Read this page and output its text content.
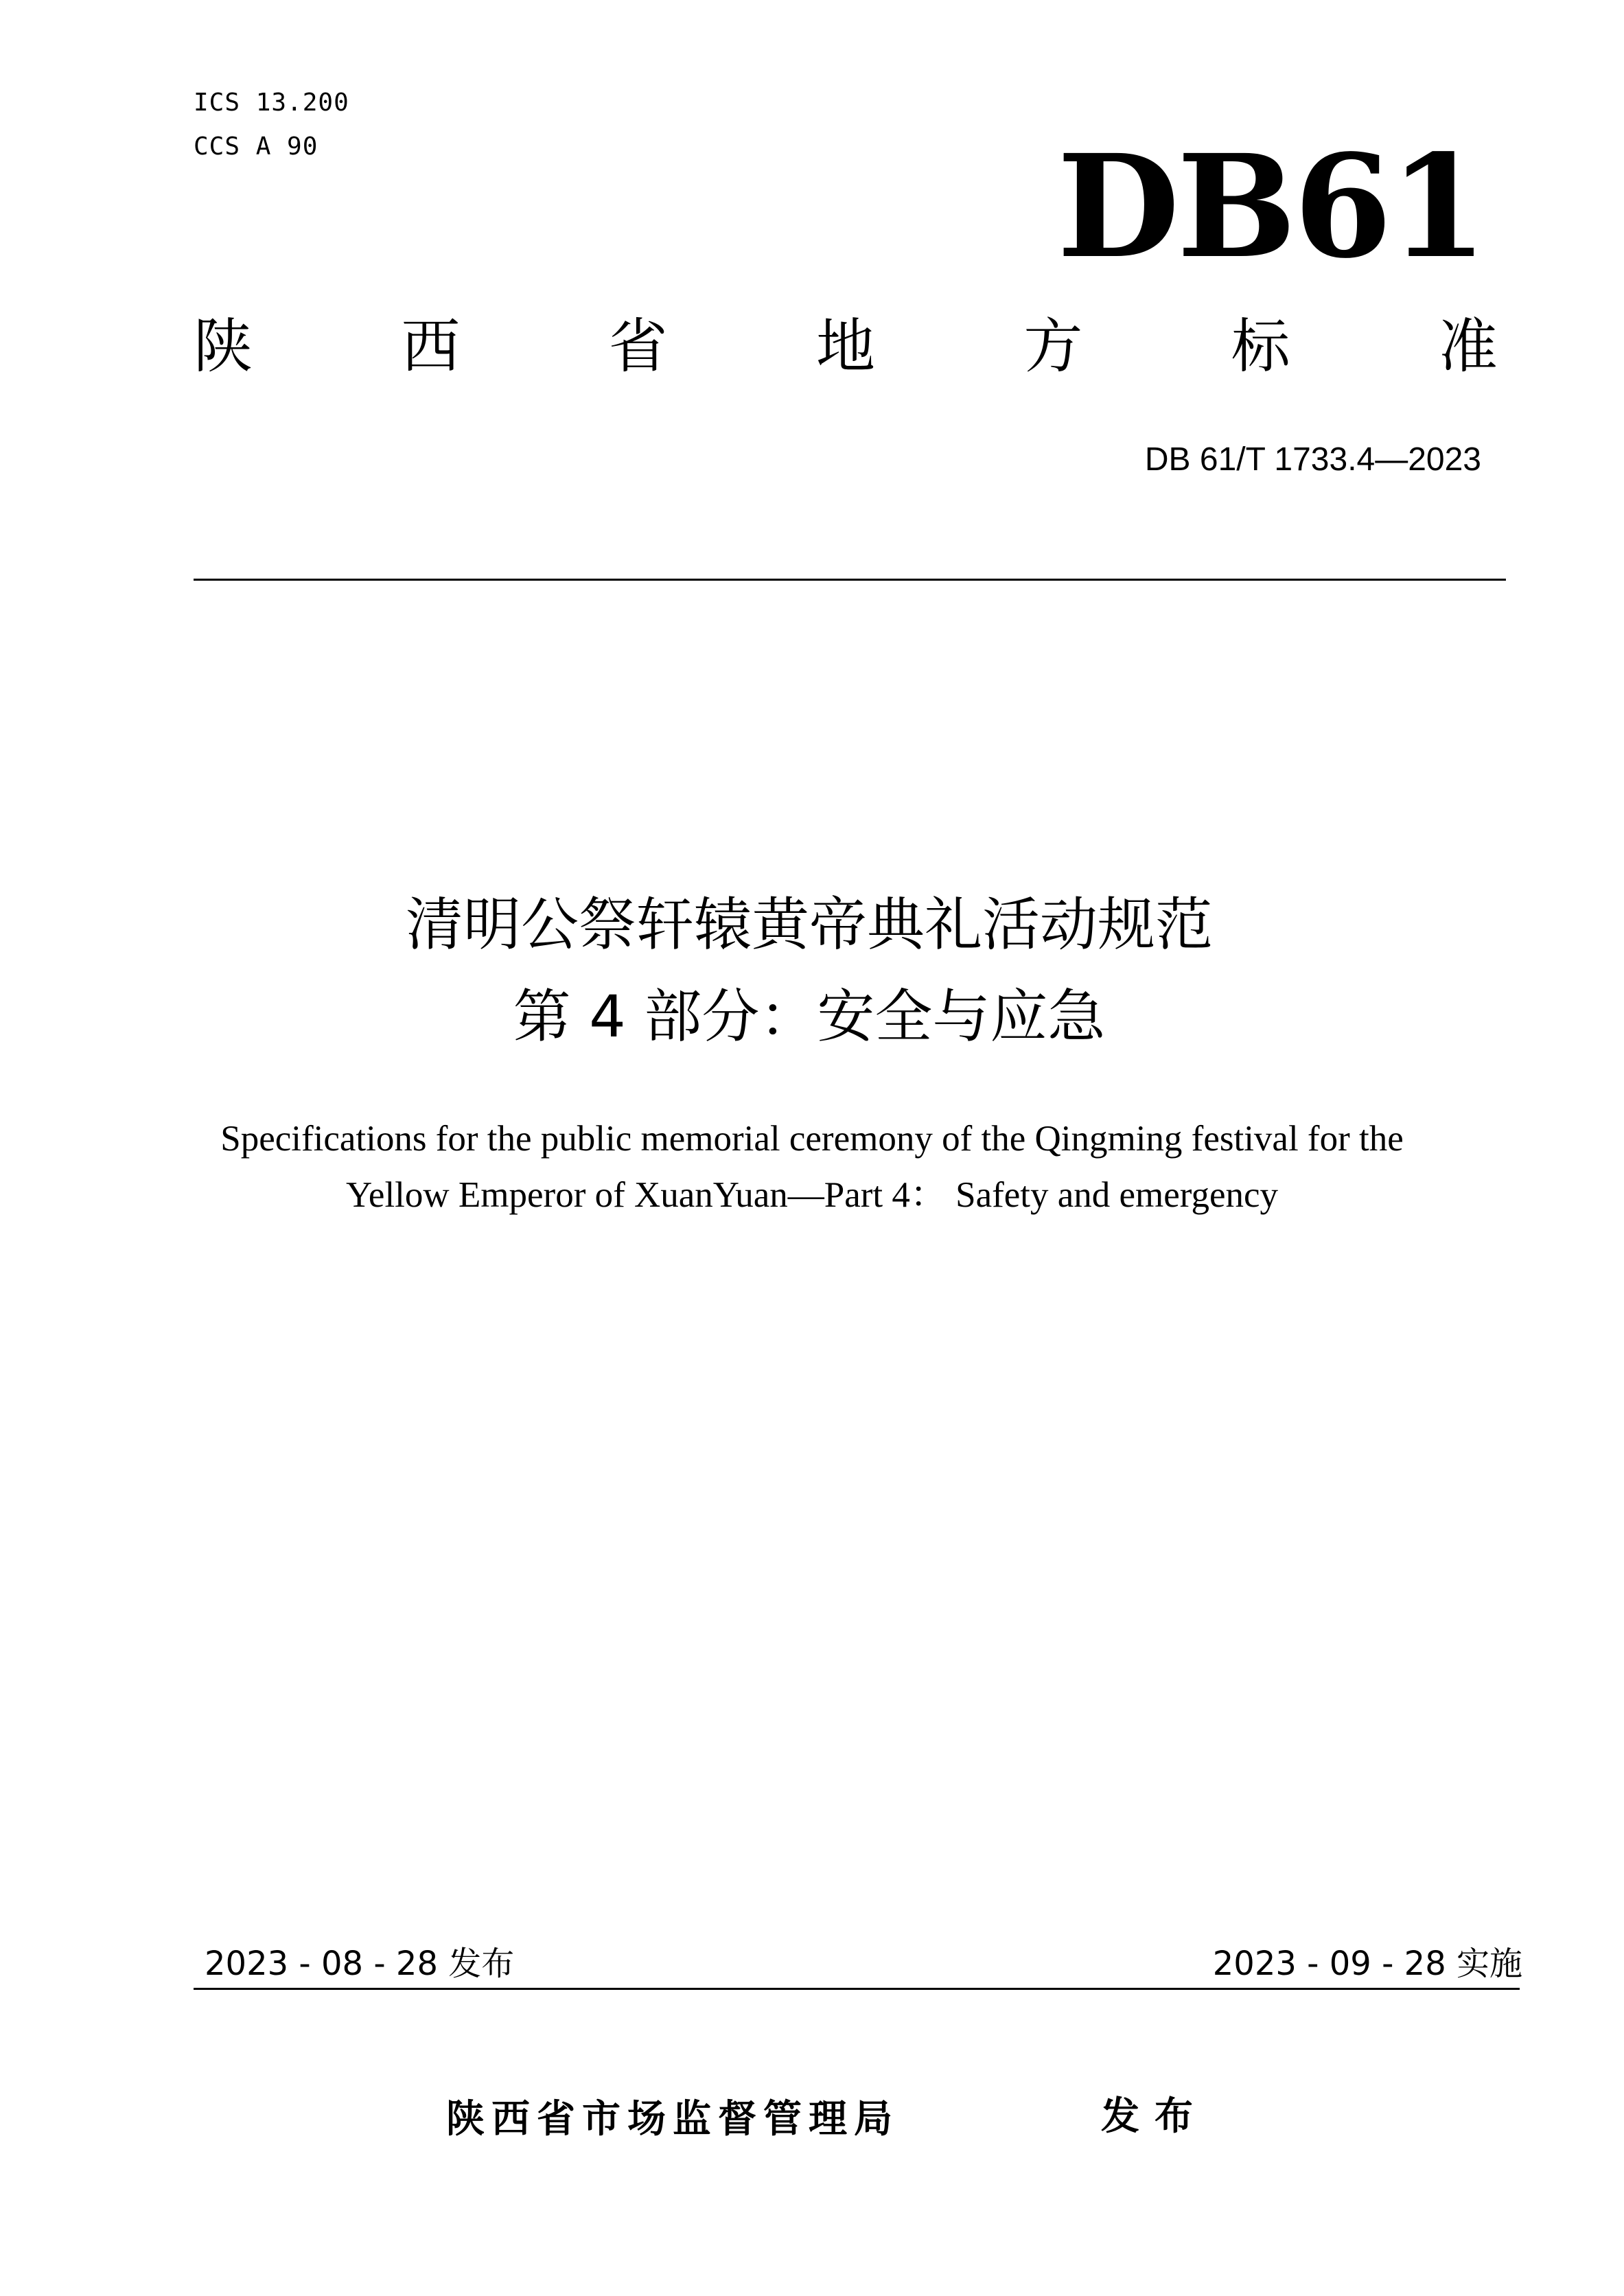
ICS 13.200
CCS A 90	DB61
陕	西	省	地	方	标	准
DB 61/T 1733.4—2023
清明公祭轩辕黄帝典礼活动规范
第 4 部分：安全与应急
Specifications for the public memorial ceremony of the Qingming festival for the
Yellow Emperor of XuanYuan—Part 4： Safety and emergency
2023 - 08 - 28 发布	2023 - 09 - 28 实施
陕西省市场监督管理局	发布
